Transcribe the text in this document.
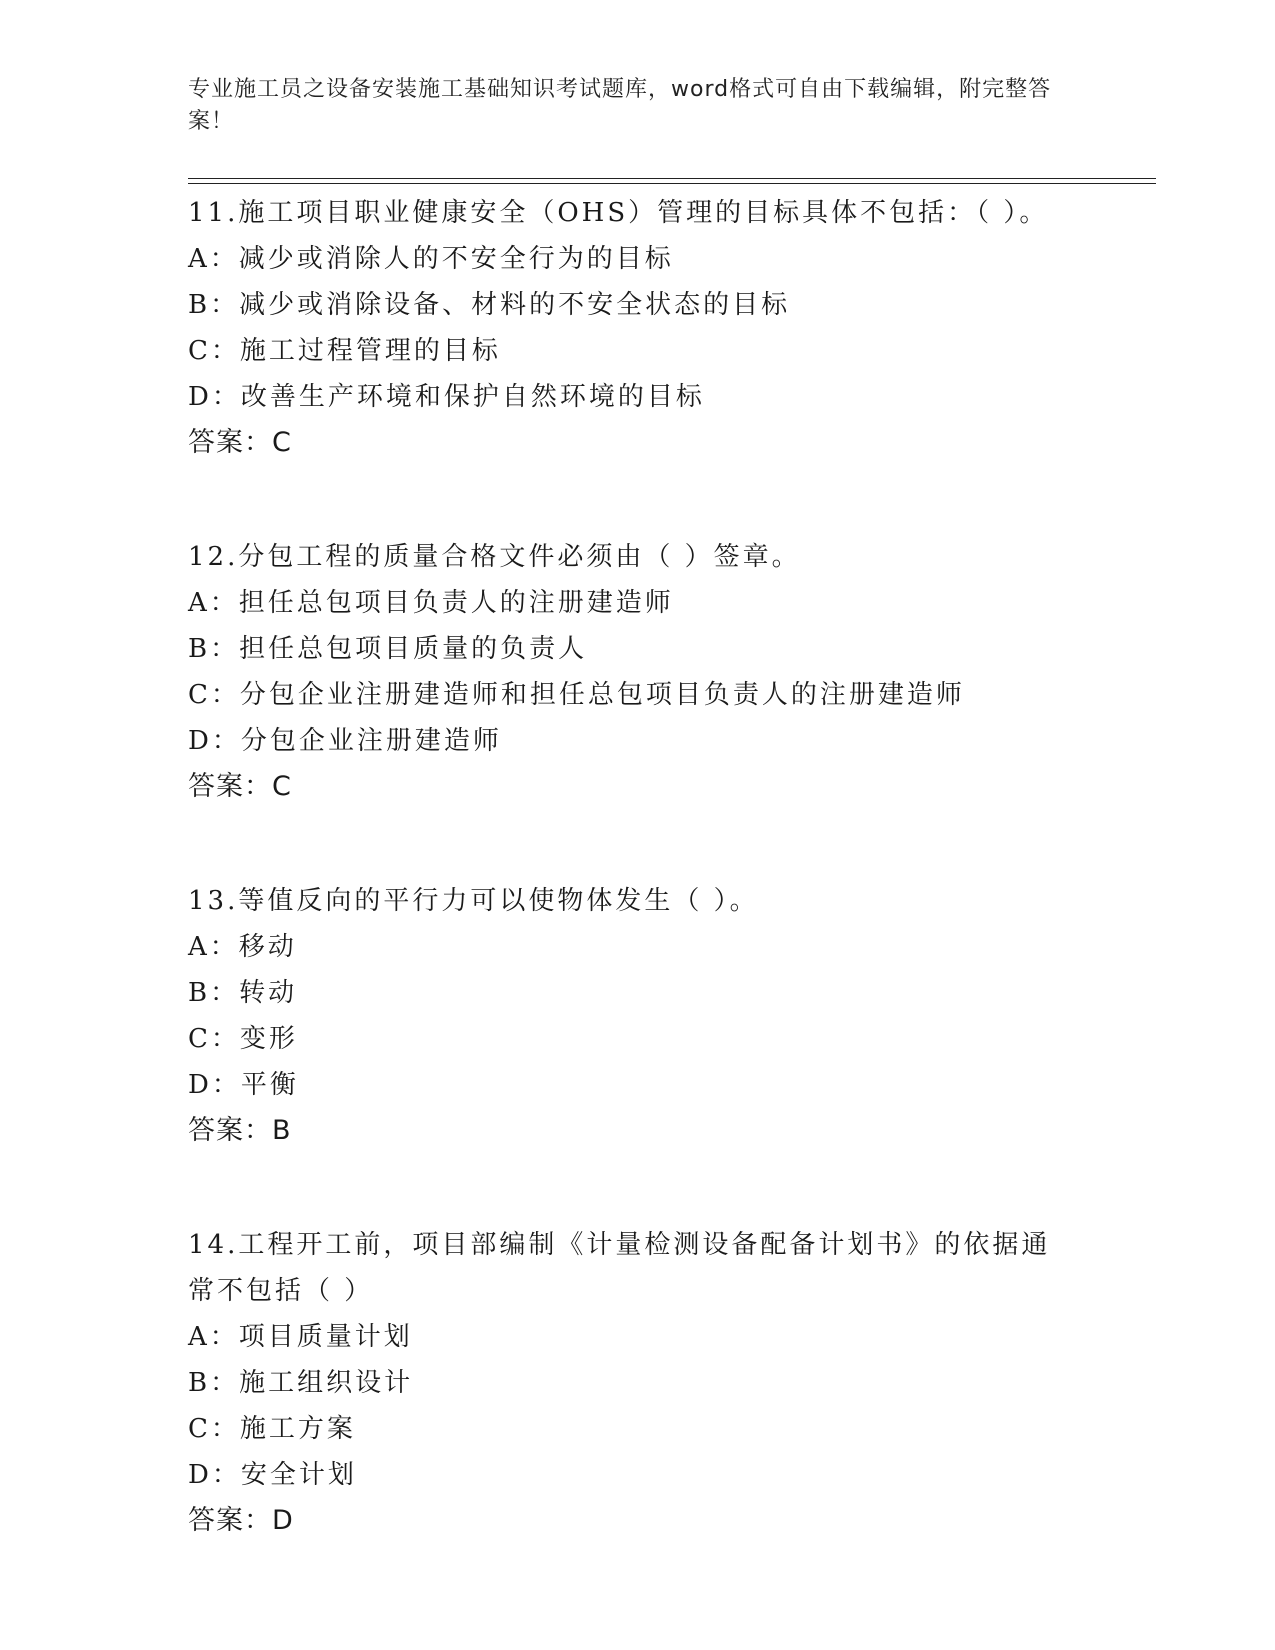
专业施工员之设备安装施工基础知识考试题库，word格式可自由下载编辑，附完整答案！
11.施工项目职业健康安全（OHS）管理的目标具体不包括：（ ）。
A：减少或消除人的不安全行为的目标
B：减少或消除设备、材料的不安全状态的目标
C：施工过程管理的目标
D：改善生产环境和保护自然环境的目标
答案：C
12.分包工程的质量合格文件必须由（ ）签章。
A：担任总包项目负责人的注册建造师
B：担任总包项目质量的负责人
C：分包企业注册建造师和担任总包项目负责人的注册建造师
D：分包企业注册建造师
答案：C
13.等值反向的平行力可以使物体发生（ ）。
A：移动
B：转动
C：变形
D：平衡
答案：B
14.工程开工前，项目部编制《计量检测设备配备计划书》的依据通常不包括（ ）
A：项目质量计划
B：施工组织设计
C：施工方案
D：安全计划
答案：D
